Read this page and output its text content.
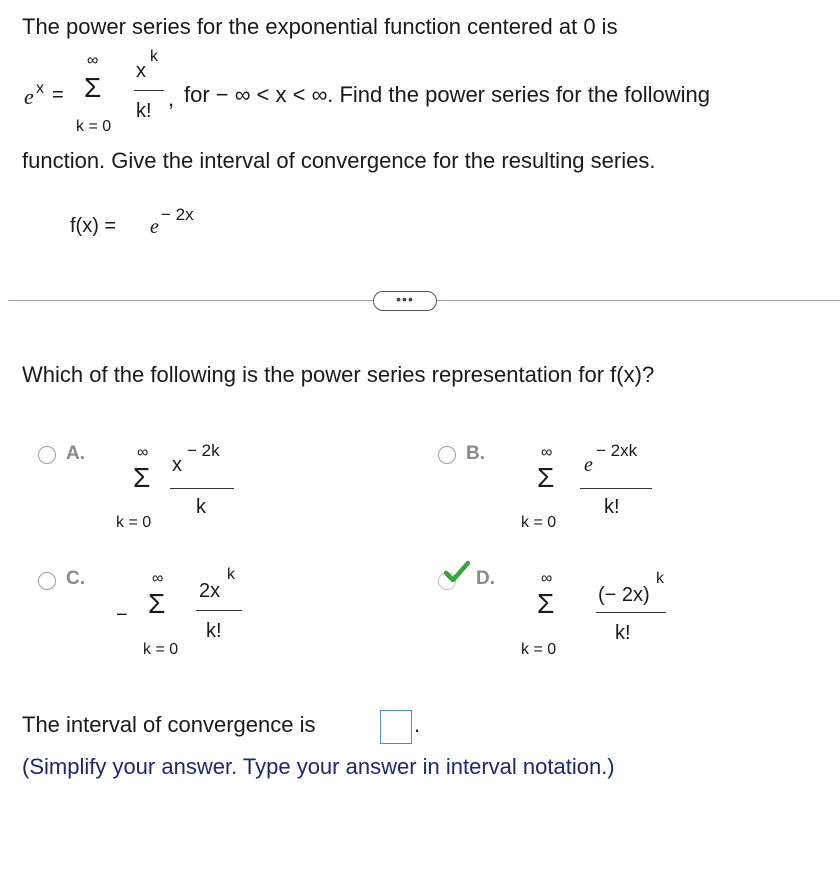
The power series for the exponential function centered at 0 is
e x =
∞
Σ
k = 0
x
k
k! , for − ∞ < x < ∞. Find the power series for the following
function. Give the interval of convergence for the resulting series.
f(x) = e
− 2x
•••
Which of the following is the power series representation for f(x)?
A.	∞
Σ
k = 0
x
− 2k
k
B.	∞
Σ
k = 0
e
− 2xk
k!
C.
−
∞
Σ
k = 0
2x
k
k!
D.	∞
Σ
k = 0
(− 2x)
k
k!
The interval of convergence is	.
(Simplify your answer. Type your answer in interval notation.)
